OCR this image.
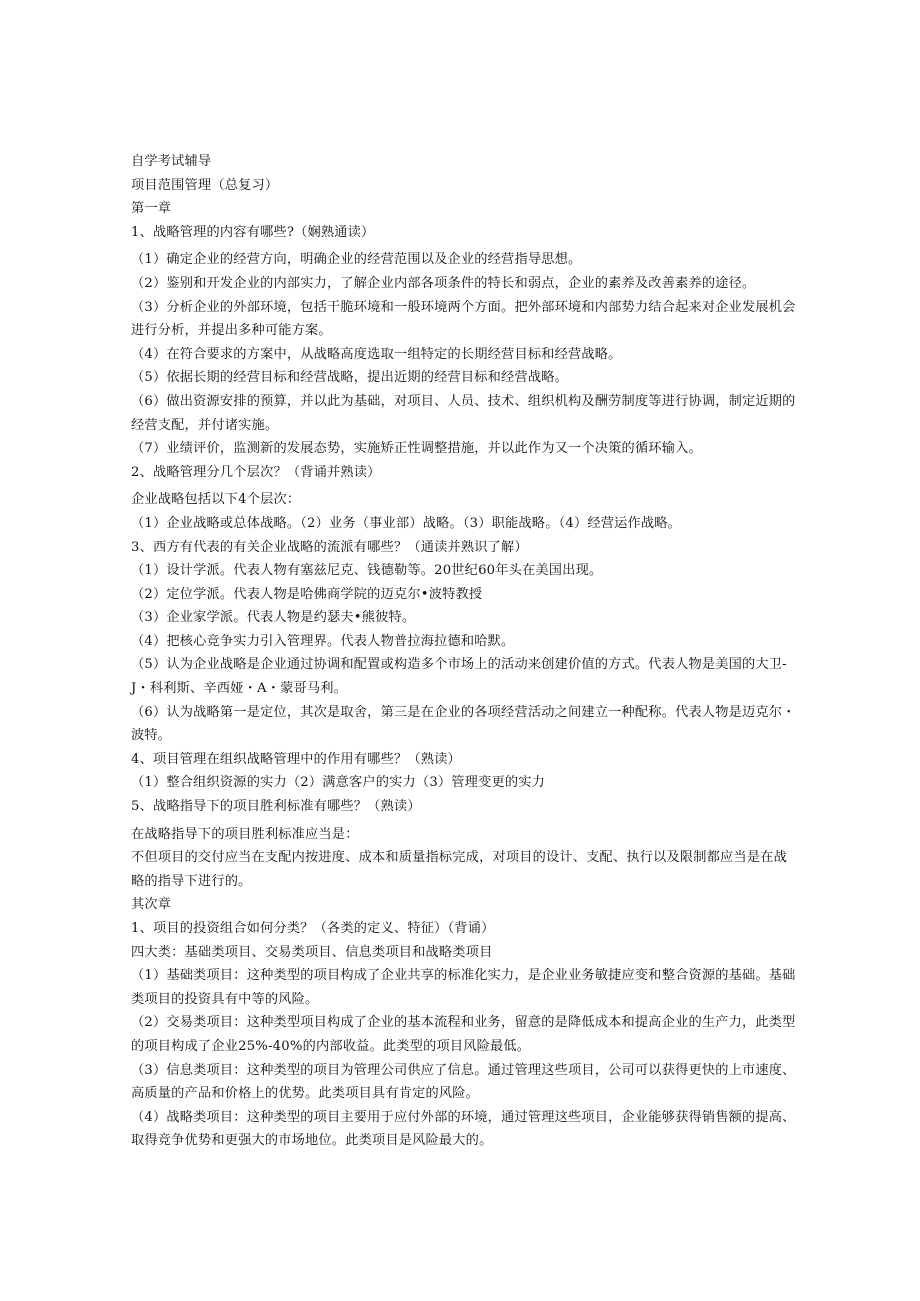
自学考试辅导

项目范围管理（总复习）

第一章

1、战略管理的内容有哪些?（娴熟通读）

（1）确定企业的经营方向，明确企业的经营范围以及企业的经营指导思想。

（2）鉴别和开发企业的内部实力，了解企业内部各项条件的特长和弱点，企业的素养及改善素养的途径。

（3）分析企业的外部环境，包括干脆环境和一般环境两个方面。把外部环境和内部势力结合起来对企业发展机会进行分析，并提出多种可能方案。

（4）在符合要求的方案中，从战略高度选取一组特定的长期经营目标和经营战略。

（5）依据长期的经营目标和经营战略，提出近期的经营目标和经营战略。

（6）做出资源安排的预算，并以此为基础，对项目、人员、技术、组织机构及酬劳制度等进行协调，制定近期的经营支配，并付诸实施。

（7）业绩评价，监测新的发展态势，实施矫正性调整措施，并以此作为又一个决策的循环输入。

2、战略管理分几个层次？（背诵并熟读）

企业战略包括以下4个层次：

（1）企业战略或总体战略。（2）业务（事业部）战略。（3）职能战略。（4）经营运作战略。

3、西方有代表的有关企业战略的流派有哪些？（通读并熟识了解）

（1）设计学派。代表人物有塞兹尼克、钱德勒等。20世纪60年头在美国出现。

（2）定位学派。代表人物是哈佛商学院的迈克尔•波特教授

（3）企业家学派。代表人物是约瑟夫•熊彼特。

（4）把核心竞争实力引入管理界。代表人物普拉海拉德和哈默。

（5）认为企业战略是企业通过协调和配置或构造多个市场上的活动来创建价值的方式。代表人物是美国的大卫-J・科利斯、辛西娅・A・蒙哥马利。

（6）认为战略第一是定位，其次是取舍，第三是在企业的各项经营活动之间建立一种配称。代表人物是迈克尔・波特。

4、项目管理在组织战略管理中的作用有哪些？（熟读）

（1）整合组织资源的实力（2）满意客户的实力（3）管理变更的实力

5、战略指导下的项目胜利标准有哪些？（熟读）

在战略指导下的项目胜利标准应当是：

不但项目的交付应当在支配内按进度、成本和质量指标完成，对项目的设计、支配、执行以及限制都应当是在战略的指导下进行的。

其次章

1、项目的投资组合如何分类？（各类的定义、特征）（背诵）

四大类：基础类项目、交易类项目、信息类项目和战略类项目

（1）基础类项目：这种类型的项目构成了企业共享的标准化实力，是企业业务敏捷应变和整合资源的基础。基础类项目的投资具有中等的风险。

（2）交易类项目：这种类型项目构成了企业的基本流程和业务，留意的是降低成本和提高企业的生产力，此类型的项目构成了企业25%-40%的内部收益。此类型的项目风险最低。

（3）信息类项目：这种类型的项目为管理公司供应了信息。通过管理这些项目，公司可以获得更快的上市速度、高质量的产品和价格上的优势。此类项目具有肯定的风险。

（4）战略类项目：这种类型的项目主要用于应付外部的环境，通过管理这些项目，企业能够获得销售额的提高、取得竞争优势和更强大的市场地位。此类项目是风险最大的。
